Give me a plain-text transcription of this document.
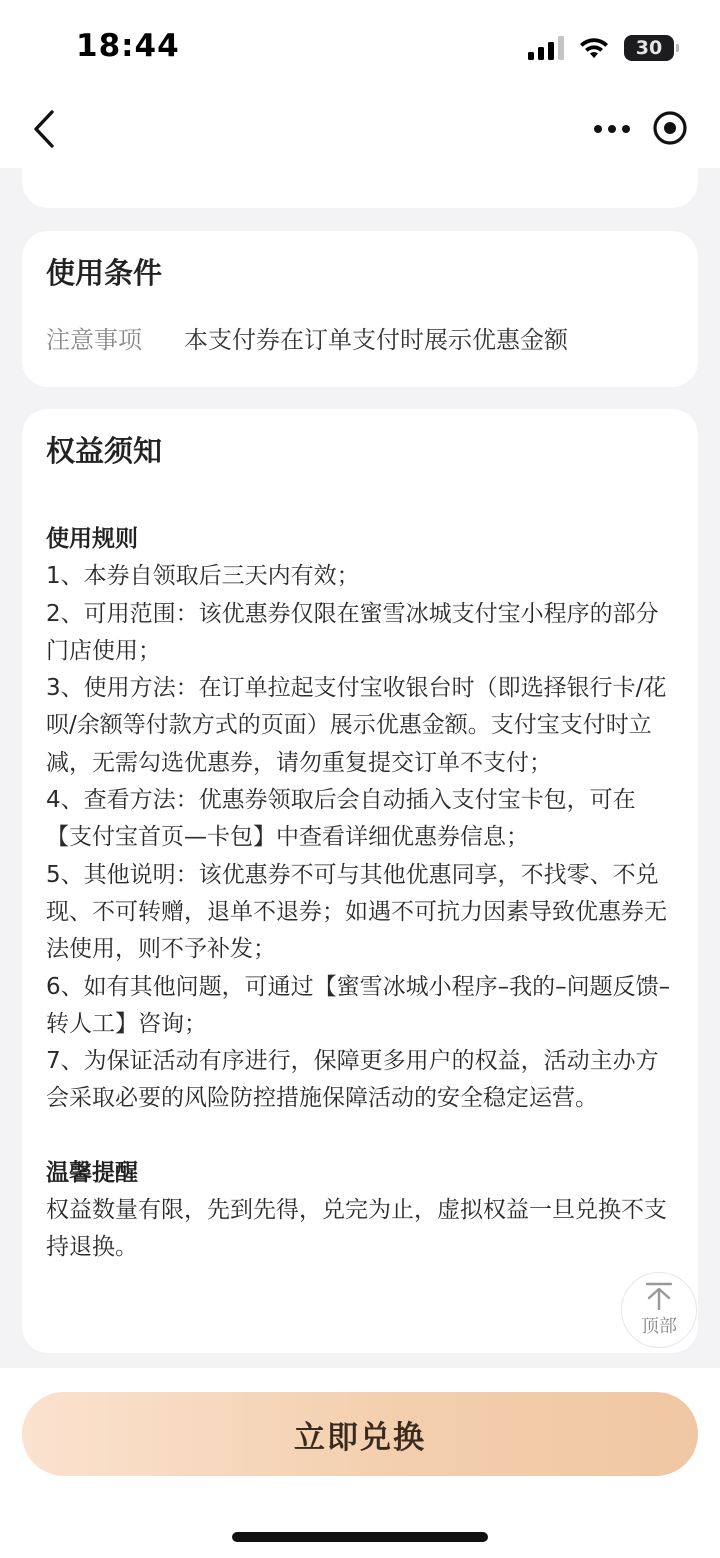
18:44	30
使用条件
注意事项 本支付券在订单支付时展示优惠金额
权益须知
使用规则
1、本券自领取后三天内有效；
2、可用范围：该优惠券仅限在蜜雪冰城支付宝小程序的部分门店使用；
3、使用方法：在订单拉起支付宝收银台时（即选择银行卡/花呗/余额等付款方式的页面）展示优惠金额。支付宝支付时立减，无需勾选优惠券，请勿重复提交订单不支付；
4、查看方法：优惠券领取后会自动插入支付宝卡包，可在【支付宝首页—卡包】中查看详细优惠券信息；
5、其他说明：该优惠券不可与其他优惠同享，不找零、不兑现、不可转赠，退单不退券；如遇不可抗力因素导致优惠券无法使用，则不予补发；
6、如有其他问题，可通过【蜜雪冰城小程序–我的–问题反馈–转人工】咨询；
7、为保证活动有序进行，保障更多用户的权益，活动主办方会采取必要的风险防控措施保障活动的安全稳定运营。
温馨提醒
权益数量有限，先到先得，兑完为止，虚拟权益一旦兑换不支持退换。
顶部
立即兑换
